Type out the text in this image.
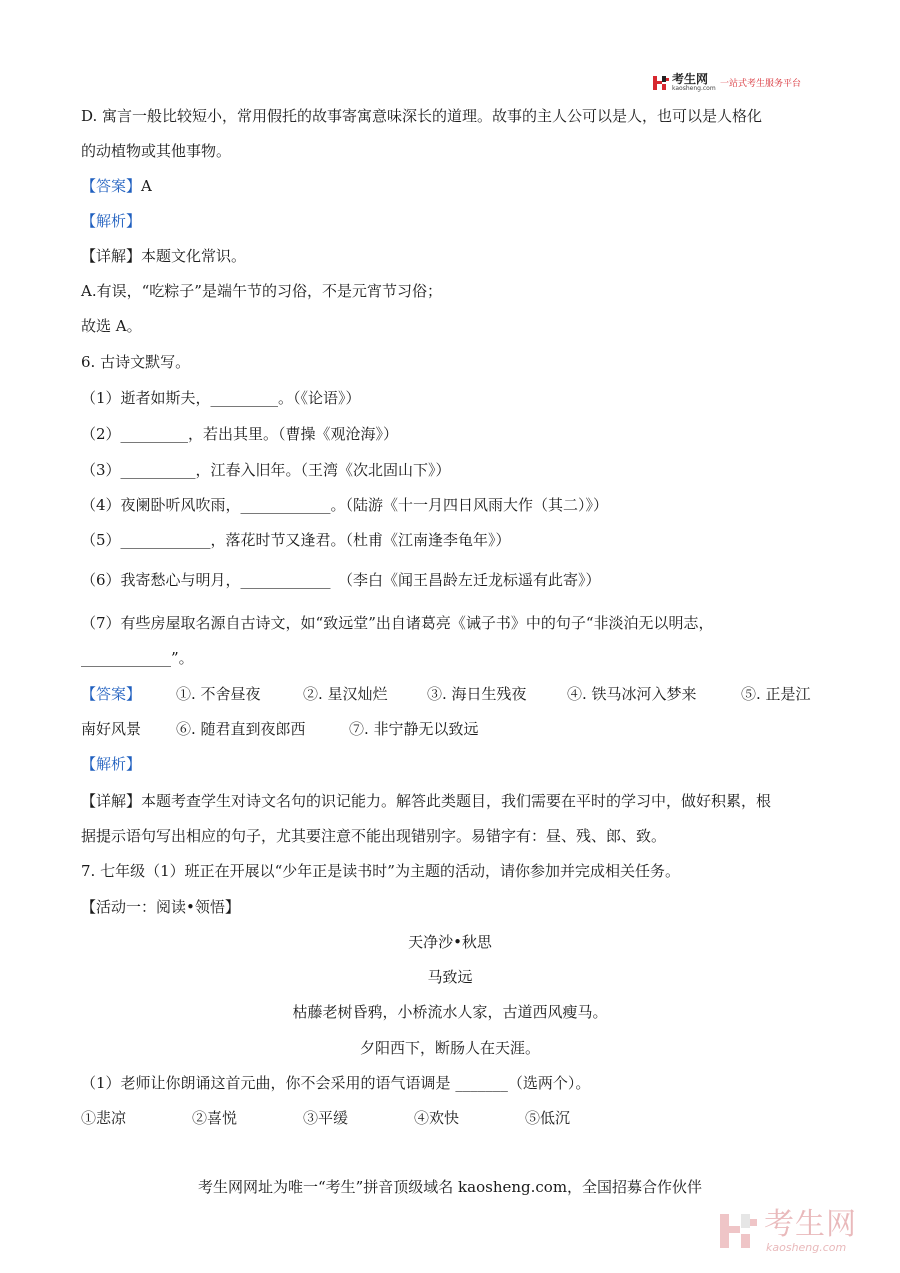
考生网
kaosheng.com 一站式考生服务平台
D. 寓言一般比较短小，常用假托的故事寄寓意味深长的道理。故事的主人公可以是人，也可以是人格化
的动植物或其他事物。
【答案】A
【解析】
【详解】本题文化常识。
A.有误，“吃粽子”是端午节的习俗，不是元宵节习俗；
故选 A。
6. 古诗文默写。
（1）逝者如斯夫，_________。（《论语》）
（2）_________，若出其里。（曹操《观沧海》）
（3）__________，江春入旧年。（王湾《次北固山下》）
（4）夜阑卧听风吹雨，____________。（陆游《十一月四日风雨大作（其二）》）
（5）____________，落花时节又逢君。（杜甫《江南逢李龟年》）
（6）我寄愁心与明月，____________　（李白《闻王昌龄左迁龙标遥有此寄》）
（7）有些房屋取名源自古诗文，如“致远堂”出自诸葛亮《诫子书》中的句子“非淡泊无以明志，
____________”。
【答案】 ①. 不舍昼夜	②. 星汉灿烂	③. 海日生残夜	④. 铁马冰河入梦来	⑤. 正是江
南好风景 ⑥. 随君直到夜郎西	⑦. 非宁静无以致远
【解析】
【详解】本题考查学生对诗文名句的识记能力。解答此类题目，我们需要在平时的学习中，做好积累，根
据提示语句写出相应的句子，尤其要注意不能出现错别字。易错字有：昼、残、郎、致。
7. 七年级（1）班正在开展以“少年正是读书时”为主题的活动，请你参加并完成相关任务。
【活动一：阅读•领悟】
天净沙•秋思
马致远
枯藤老树昏鸦，小桥流水人家，古道西风瘦马。
夕阳西下，断肠人在天涯。
（1）老师让你朗诵这首元曲，你不会采用的语气语调是 _______（选两个）。
①悲凉	②喜悦	③平缓	④欢快	⑤低沉
考生网网址为唯一“考生”拼音顶级域名 kaosheng.com，全国招募合作伙伴
考生网
kaosheng.com
